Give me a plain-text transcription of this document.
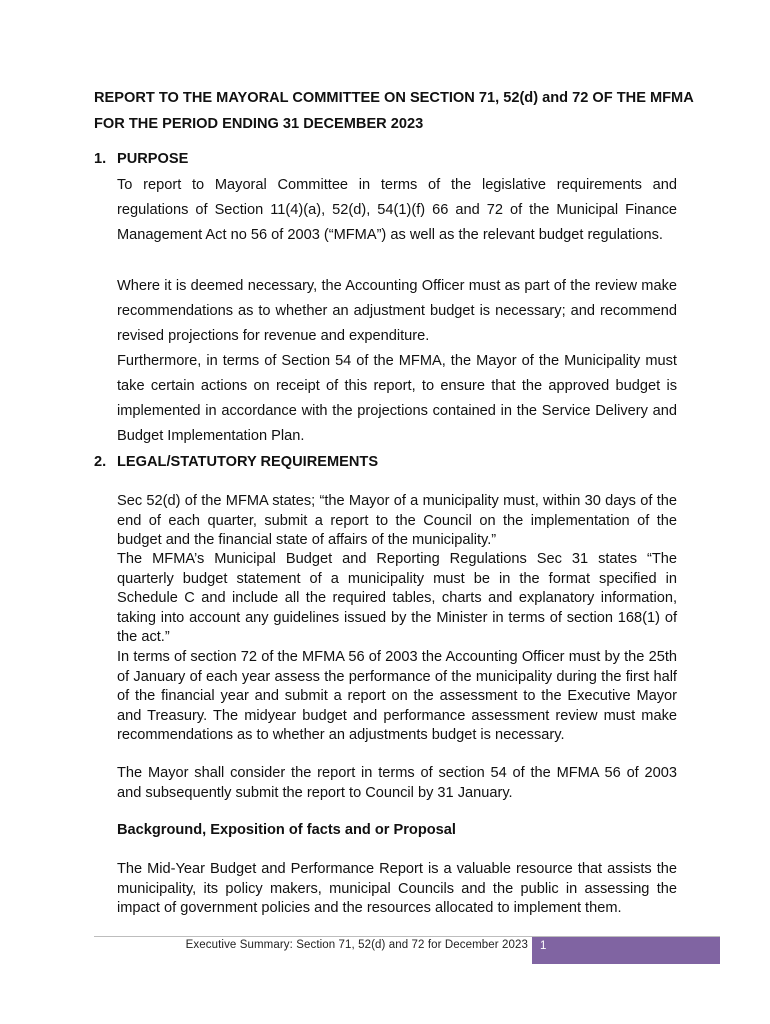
REPORT TO THE MAYORAL COMMITTEE ON SECTION 71, 52(d) and 72 OF THE MFMA FOR THE PERIOD ENDING 31 DECEMBER 2023

1. PURPOSE

To report to Mayoral Committee in terms of the legislative requirements and regulations of Section 11(4)(a), 52(d), 54(1)(f) 66 and 72 of the Municipal Finance Management Act no 56 of 2003 (“MFMA”) as well as the relevant budget regulations.

Where it is deemed necessary, the Accounting Officer must as part of the review make recommendations as to whether an adjustment budget is necessary; and recommend revised projections for revenue and expenditure.

Furthermore, in terms of Section 54 of the MFMA, the Mayor of the Municipality must take certain actions on receipt of this report, to ensure that the approved budget is implemented in accordance with the projections contained in the Service Delivery and Budget Implementation Plan.

2. LEGAL/STATUTORY REQUIREMENTS

Sec 52(d) of the MFMA states; “the Mayor of a municipality must, within 30 days of the end of each quarter, submit a report to the Council on the implementation of the budget and the financial state of affairs of the municipality.”

The MFMA’s Municipal Budget and Reporting Regulations Sec 31 states “The quarterly budget statement of a municipality must be in the format specified in Schedule C and include all the required tables, charts and explanatory information, taking into account any guidelines issued by the Minister in terms of section 168(1) of the act.”

In terms of section 72 of the MFMA 56 of 2003 the Accounting Officer must by the 25th of January of each year assess the performance of the municipality during the first half of the financial year and submit a report on the assessment to the Executive Mayor and Treasury. The midyear budget and performance assessment review must make recommendations as to whether an adjustments budget is necessary.

The Mayor shall consider the report in terms of section 54 of the MFMA 56 of 2003 and subsequently submit the report to Council by 31 January.

Background, Exposition of facts and or Proposal

The Mid-Year Budget and Performance Report is a valuable resource that assists the municipality, its policy makers, municipal Councils and the public in assessing the impact of government policies and the resources allocated to implement them.

Executive Summary: Section 71, 52(d) and 72 for December 2023 1
